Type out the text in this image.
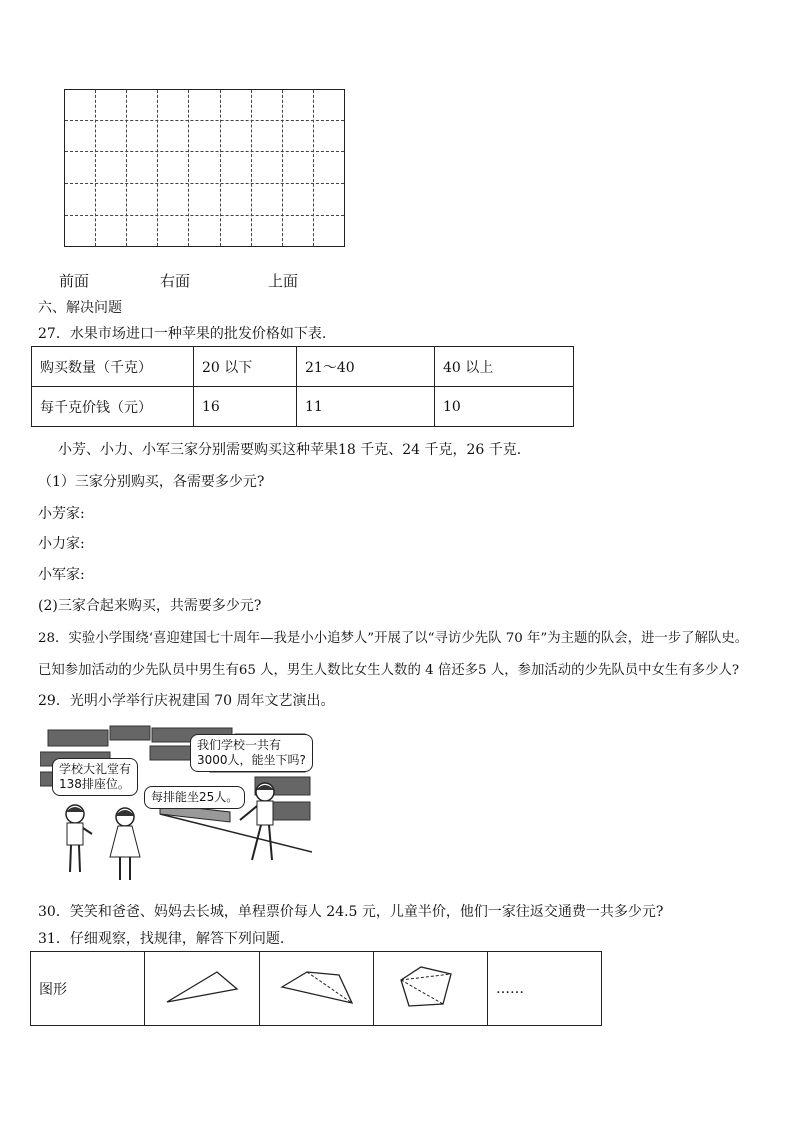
前面	右面	上面
六、解决问题
27．水果市场进口一种苹果的批发价格如下表.
购买数量（千克）	20 以下	21～40	40 以上
每千克价钱（元）	16	11	10
小芳、小力、小军三家分别需要购买这种苹果18 千克、24 千克，26 千克.
（1）三家分别购买，各需要多少元?
小芳家:
小力家:
小军家:
(2)三家合起来购买，共需要多少元?
28．实验小学围绕‘喜迎建国七十周年—我是小小追梦人”开展了以“寻访少先队 70 年”为主题的队会，进一步了解队史。
已知参加活动的少先队员中男生有65 人，男生人数比女生人数的 4 倍还多5 人，参加活动的少先队员中女生有多少人?
29．光明小学举行庆祝建国 70 周年文艺演出。
学校大礼堂有
138排座位。
每排能坐25人。
我们学校一共有
3000人，能坐下吗?
30．笑笑和爸爸、妈妈去长城，单程票价每人 24.5 元，儿童半价，他们一家往返交通费一共多少元?
31．仔细观察，找规律，解答下列问题.
图形				……
